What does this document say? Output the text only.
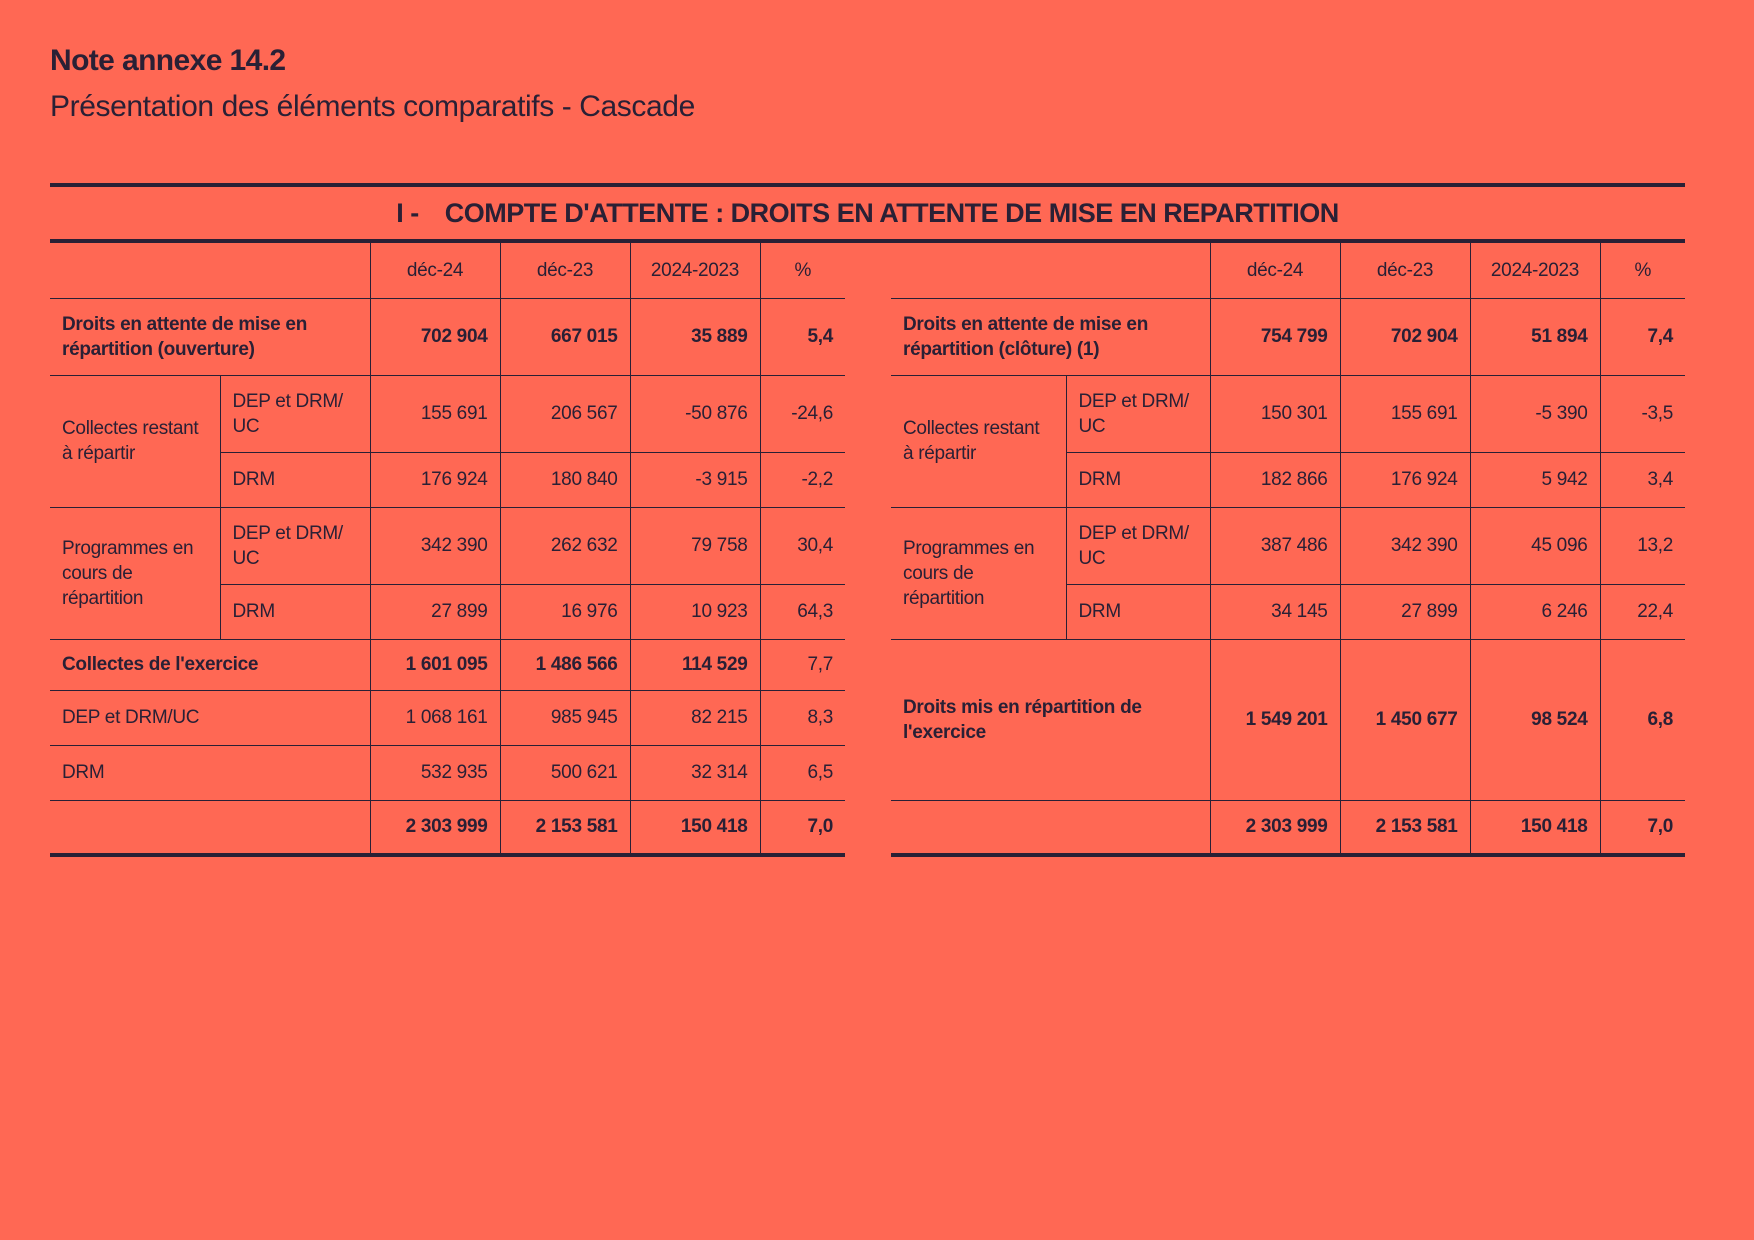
Note annexe 14.2
Présentation des éléments comparatifs - Cascade
I - COMPTE D'ATTENTE : DROITS EN ATTENTE DE MISE EN REPARTITION
		déc-24	déc-23	2024-2023	%
Droits en attente de mise en répartition (ouverture)		702 904	667 015	35 889	5,4
Collectes restant à répartir	DEP et DRM/ UC	155 691	206 567	-50 876	-24,6
	DRM	176 924	180 840	-3 915	-2,2
Programmes en cours de répartition	DEP et DRM/ UC	342 390	262 632	79 758	30,4
	DRM	27 899	16 976	10 923	64,3
Collectes de l'exercice		1 601 095	1 486 566	114 529	7,7
DEP et DRM/UC		1 068 161	985 945	82 215	8,3
DRM		532 935	500 621	32 314	6,5
		2 303 999	2 153 581	150 418	7,0
		déc-24	déc-23	2024-2023	%
Droits en attente de mise en répartition (clôture) (1)		754 799	702 904	51 894	7,4
Collectes restant à répartir	DEP et DRM/ UC	150 301	155 691	-5 390	-3,5
	DRM	182 866	176 924	5 942	3,4
Programmes en cours de répartition	DEP et DRM/ UC	387 486	342 390	45 096	13,2
	DRM	34 145	27 899	6 246	22,4
Droits mis en répartition de l'exercice		1 549 201	1 450 677	98 524	6,8
		2 303 999	2 153 581	150 418	7,0
